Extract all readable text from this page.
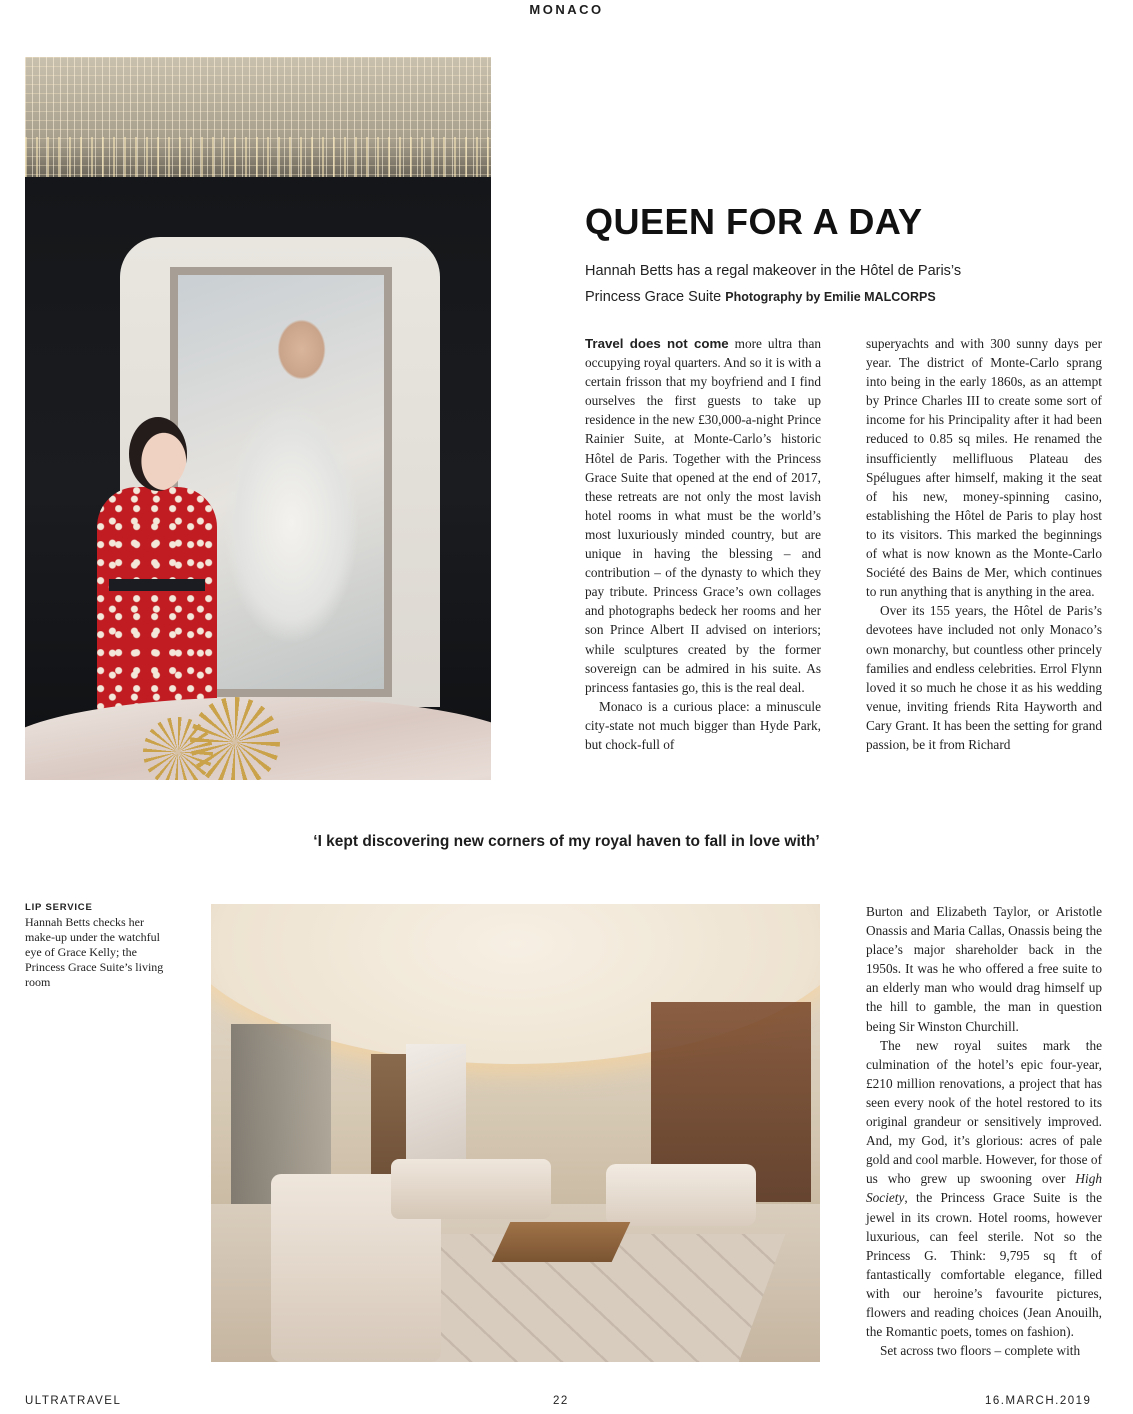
MONACO
QUEEN FOR A DAY
Hannah Betts has a regal makeover in the Hôtel de Paris’s
Princess Grace Suite Photography by Emilie MALCORPS

Travel does not come more ultra than occupying royal quarters. And so it is with a certain frisson that my boyfriend and I find ourselves the first guests to take up residence in the new £30,000-a-night Prince Rainier Suite, at Monte-Carlo’s historic Hôtel de Paris. Together with the Princess Grace Suite that opened at the end of 2017, these retreats are not only the most lavish hotel rooms in what must be the world’s most luxuriously minded country, but are unique in having the blessing – and contribution – of the dynasty to which they pay tribute. Princess Grace’s own collages and photographs bedeck her rooms and her son Prince Albert II advised on interiors; while sculptures created by the former sovereign can be admired in his suite. As princess fantasies go, this is the real deal.

Monaco is a curious place: a minuscule city-state not much bigger than Hyde Park, but chock-full of

superyachts and with 300 sunny days per year. The district of Monte-Carlo sprang into being in the early 1860s, as an attempt by Prince Charles III to create some sort of income for his Principality after it had been reduced to 0.85 sq miles. He renamed the insufficiently mellifluous Plateau des Spélugues after himself, making it the seat of his new, money-spinning casino, establishing the Hôtel de Paris to play host to its visitors. This marked the beginnings of what is now known as the Monte-Carlo Société des Bains de Mer, which continues to run anything that is anything in the area.

Over its 155 years, the Hôtel de Paris’s devotees have included not only Monaco’s own monarchy, but countless other princely families and endless celebrities. Errol Flynn loved it so much he chose it as his wedding venue, inviting friends Rita Hayworth and Cary Grant. It has been the setting for grand passion, be it from Richard

‘I kept discovering new corners of my royal haven to fall in love with’
LIP SERVICE
Hannah Betts checks her make-up under the watchful eye of Grace Kelly; the Princess Grace Suite’s living room

Burton and Elizabeth Taylor, or Aristotle Onassis and Maria Callas, Onassis being the place’s major shareholder back in the 1950s. It was he who offered a free suite to an elderly man who would drag himself up the hill to gamble, the man in question being Sir Winston Churchill.

The new royal suites mark the culmination of the hotel’s epic four-year, £210 million renovations, a project that has seen every nook of the hotel restored to its original grandeur or sensitively improved. And, my God, it’s glorious: acres of pale gold and cool marble. However, for those of us who grew up swooning over High Society, the Princess Grace Suite is the jewel in its crown. Hotel rooms, however luxurious, can feel sterile. Not so the Princess G. Think: 9,795 sq ft of fantastically comfortable elegance, filled with our heroine’s favourite pictures, flowers and reading choices (Jean Anouilh, the Romantic poets, tomes on fashion).

Set across two floors – complete with

ULTRATRAVEL	22	16.MARCH.2019
